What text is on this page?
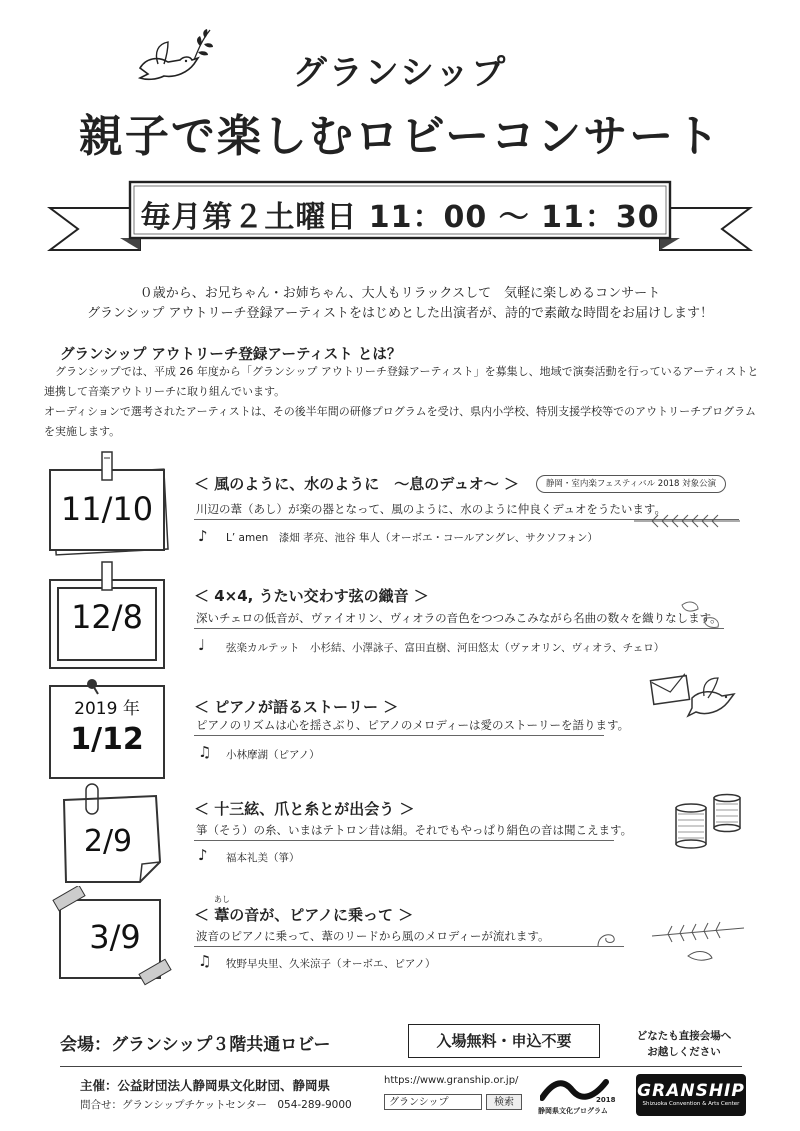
グランシップ
親子で楽しむロビーコンサート
毎月第２土曜日 11：00 〜 11：30
０歳から、お兄ちゃん・お姉ちゃん、大人もリラックスして　気軽に楽しめるコンサート
グランシップ アウトリーチ登録アーティストをはじめとした出演者が、詩的で素敵な時間をお届けします！
グランシップ アウトリーチ登録アーティスト とは？
　グランシップでは、平成 26 年度から「グランシップ アウトリーチ登録アーティスト」を募集し、地域で演奏活動を行っているアーティストと
連携して音楽アウトリーチに取り組んでいます。
オーディションで選考されたアーティストは、その後半年間の研修プログラムを受け、県内小学校、特別支援学校等でのアウトリーチプログラム
を実施します。
11/10
＜ 風のように、水のように　〜息のデュオ〜 ＞	静岡・室内楽フェスティバル 2018 対象公演
川辺の葦（あし）が楽の器となって、風のように、水のように仲良くデュオをうたいます。
♪ L’ amen　漆畑 孝亮、池谷 隼人（オーボエ・コールアングレ、サクソフォン）
12/8
＜ 4×4, うたい交わす弦の織音 ＞
深いチェロの低音が、ヴァイオリン、ヴィオラの音色をつつみこみながら名曲の数々を織りなします。
♩ 弦楽カルテット　小杉結、小澤詠子、富田直樹、河田悠太（ヴァオリン、ヴィオラ、チェロ）
2019 年
1/12
＜ ピアノが語るストーリー ＞
ピアノのリズムは心を揺さぶり、ピアノのメロディーは愛のストーリーを語ります。
♫ 小林摩湖（ピアノ）
2/9
＜ 十三絃、爪と糸とが出会う ＞
箏（そう）の糸、いまはテトロン昔は絹。それでもやっぱり絹色の音は聞こえます。
♪ 福本礼美（箏）
3/9
あし
＜ 葦の音が、ピアノに乗って ＞
波音のピアノに乗って、葦のリードから風のメロディーが流れます。
♫ 牧野早央里、久米涼子（オーボエ、ピアノ）
会場：グランシップ３階共通ロビー	入場無料・申込不要	どなたも直接会場へ
お越しください
主催：公益財団法人静岡県文化財団、静岡県
問合せ：グランシップチケットセンター　054-289-9000
https://www.granship.or.jp/
グランシップ	検索	2018
静岡県文化プログラム
GRANSHIP
Shizuoka Convention & Arts Center
